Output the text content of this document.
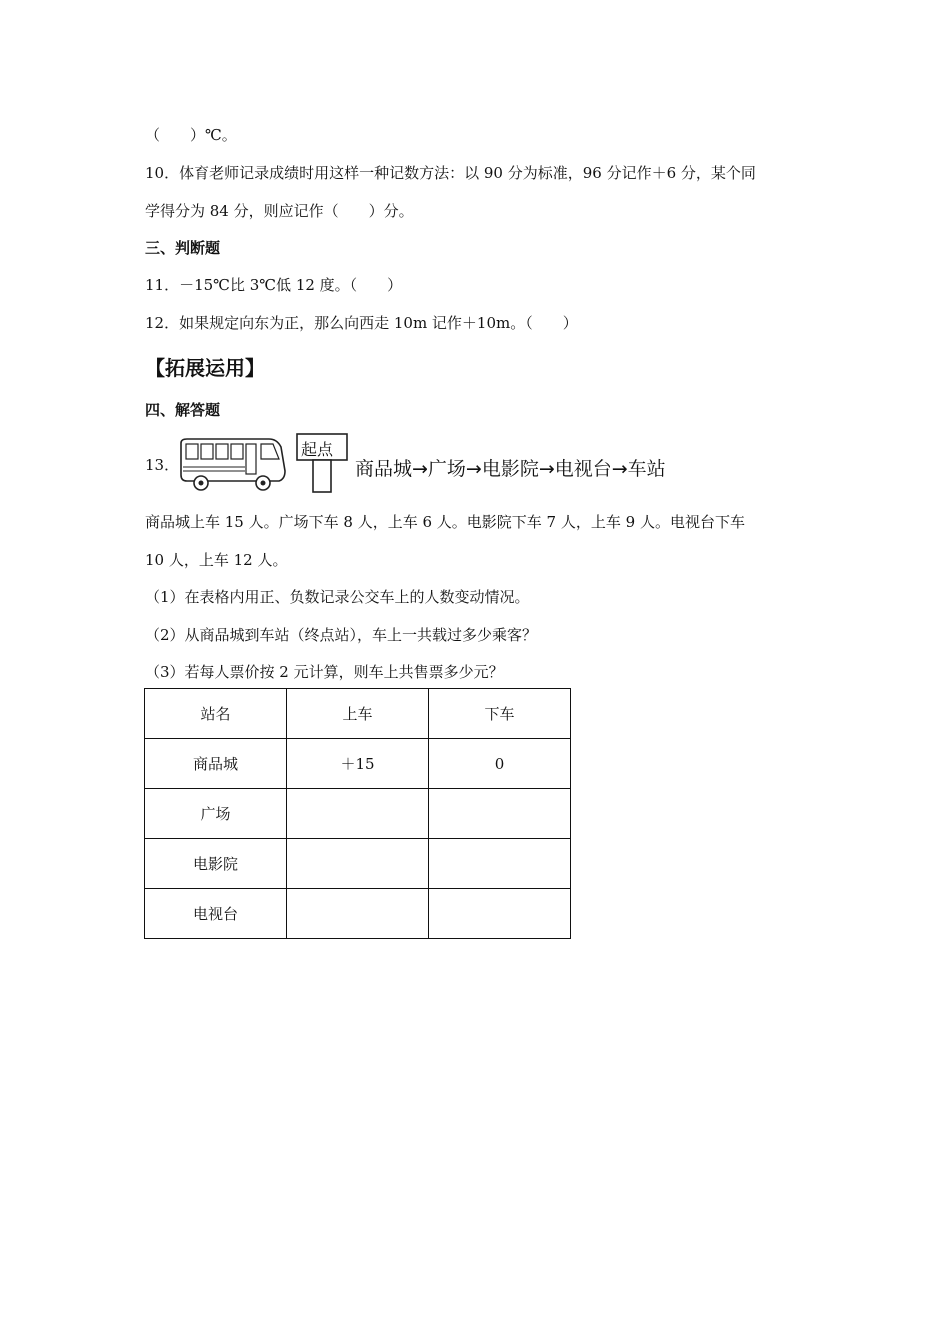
（　　）℃。
10．体育老师记录成绩时用这样一种记数方法：以 90 分为标准，96 分记作＋6 分，某个同
学得分为 84 分，则应记作（　　）分。
三、判断题
11．－15℃比 3℃低 12 度。（　　）
12．如果规定向东为正，那么向西走 10m 记作＋10m。（　　）
【拓展运用】
四、解答题
13．
起点
商品城→广场→电影院→电视台→车站
商品城上车 15 人。广场下车 8 人，上车 6 人。电影院下车 7 人，上车 9 人。电视台下车
10 人，上车 12 人。
（1）在表格内用正、负数记录公交车上的人数变动情况。
（2）从商品城到车站（终点站），车上一共载过多少乘客？
（3）若每人票价按 2 元计算，则车上共售票多少元？
站名	上车	下车
商品城	＋15	0
广场		
电影院		
电视台		
